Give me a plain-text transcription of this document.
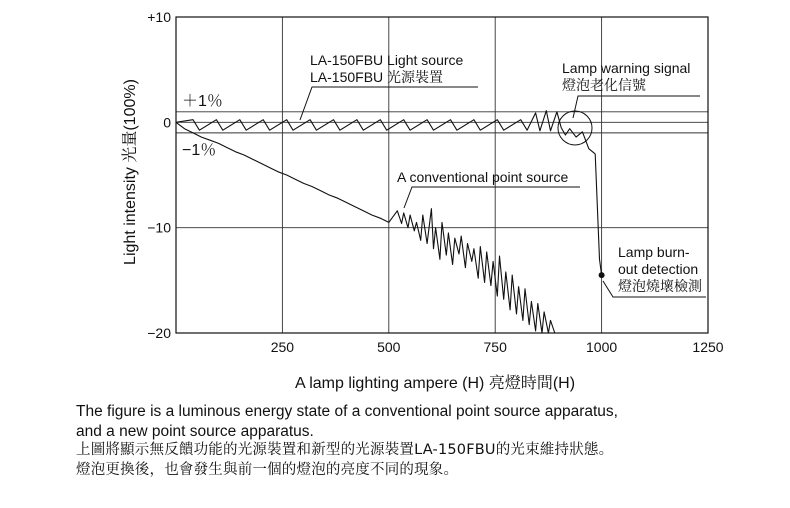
250	500	750	1000	1250
+10
0
−10
−20
A lamp lighting ampere (H) 亮燈時間(H)
Light intensity 光量(100%)	＋1％
−1％
LA-150FBU Light source
LA-150FBU 光源裝置
Lamp warning signal
燈泡老化信號
A conventional point source
Lamp burn-
out detection
燈泡燒壞檢測
The figure is a luminous energy state of a conventional point source apparatus,
and a new point source apparatus.
上圖將顯示無反饋功能的光源裝置和新型的光源裝置LA-150FBU的光束維持狀態。
燈泡更換後，也會發生與前一個的燈泡的亮度不同的現象。
